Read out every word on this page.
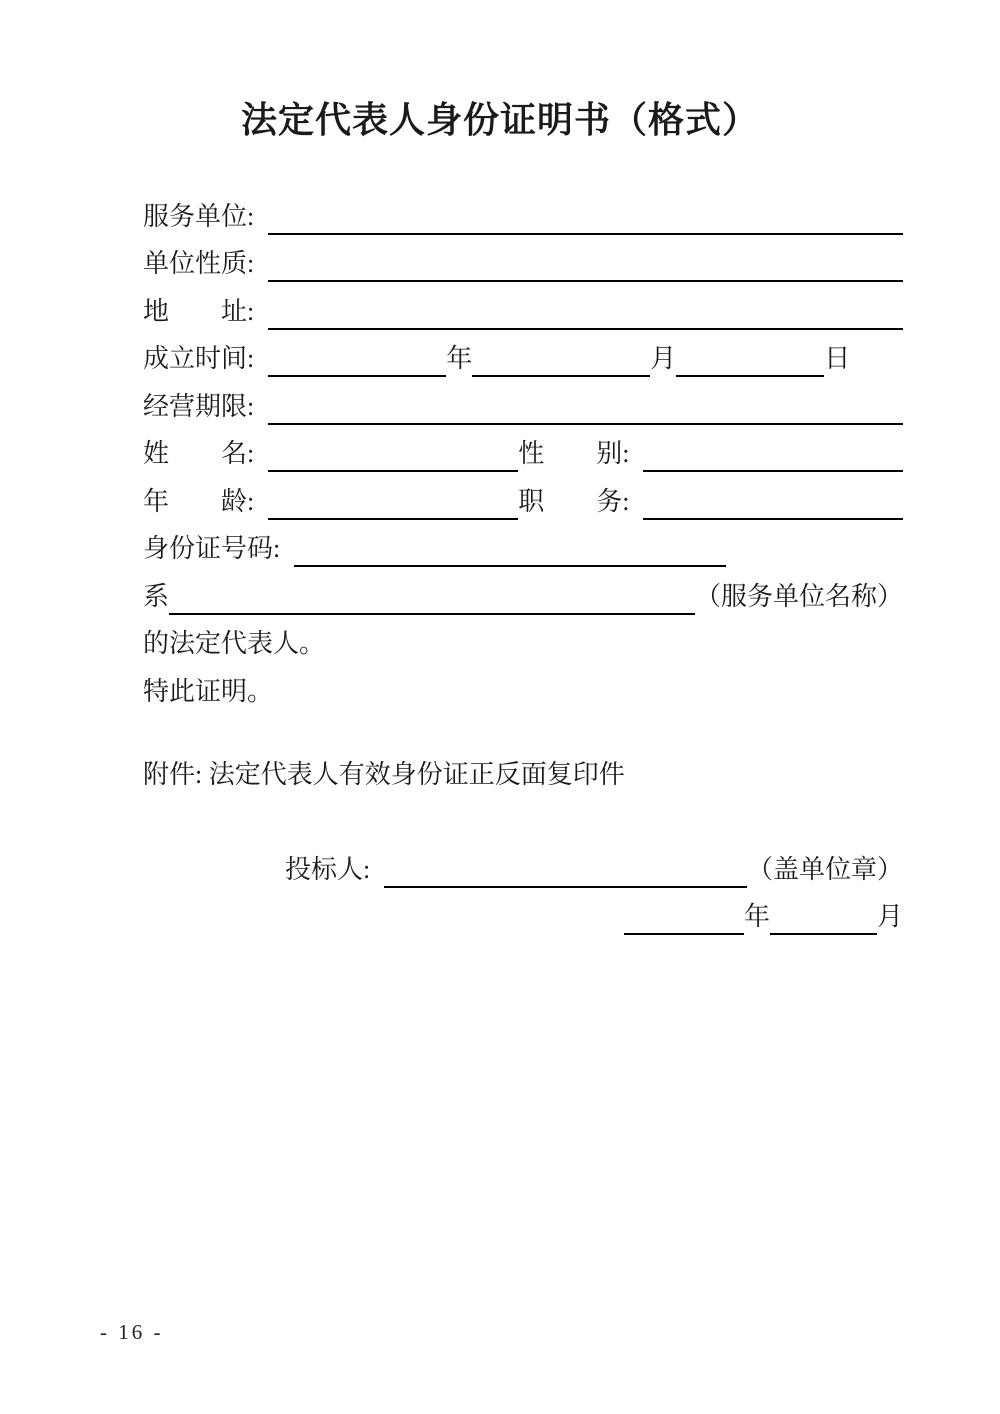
法定代表人身份证明书（格式）
服务单位:
单位性质:
地　　址:
成立时间:	年	月	日
经营期限:
姓　　名:	性　　别:
年　　龄:	职　　务:
身份证号码:
系	（服务单位名称）
的法定代表人。
特此证明。
附件: 法定代表人有效身份证正反面复印件
投标人:	（盖单位章）
年	月
- 16 -
